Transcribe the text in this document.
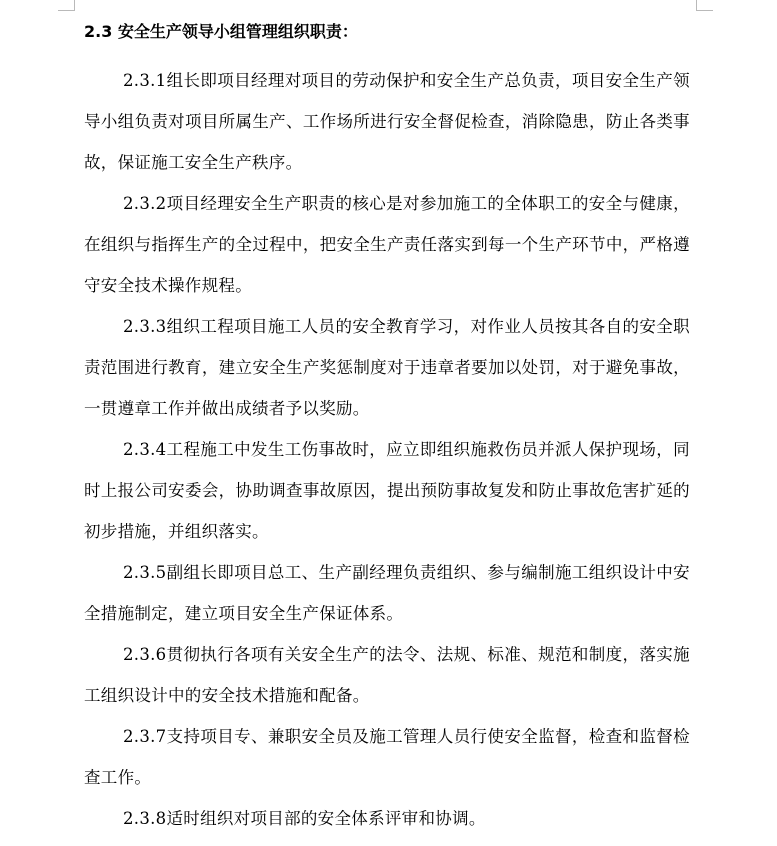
2.3 安全生产领导小组管理组织职责：

2.3.1组长即项目经理对项目的劳动保护和安全生产总负责，项目安全生产领导小组负责对项目所属生产、工作场所进行安全督促检查，消除隐患，防止各类事故，保证施工安全生产秩序。

2.3.2项目经理安全生产职责的核心是对参加施工的全体职工的安全与健康，在组织与指挥生产的全过程中，把安全生产责任落实到每一个生产环节中，严格遵守安全技术操作规程。

2.3.3组织工程项目施工人员的安全教育学习，对作业人员按其各自的安全职责范围进行教育，建立安全生产奖惩制度对于违章者要加以处罚，对于避免事故，一贯遵章工作并做出成绩者予以奖励。

2.3.4工程施工中发生工伤事故时，应立即组织施救伤员并派人保护现场，同时上报公司安委会，协助调查事故原因，提出预防事故复发和防止事故危害扩延的初步措施，并组织落实。

2.3.5副组长即项目总工、生产副经理负责组织、参与编制施工组织设计中安全措施制定，建立项目安全生产保证体系。

2.3.6贯彻执行各项有关安全生产的法令、法规、标准、规范和制度，落实施工组织设计中的安全技术措施和配备。

2.3.7支持项目专、兼职安全员及施工管理人员行使安全监督，检查和监督检查工作。

2.3.8适时组织对项目部的安全体系评审和协调。
